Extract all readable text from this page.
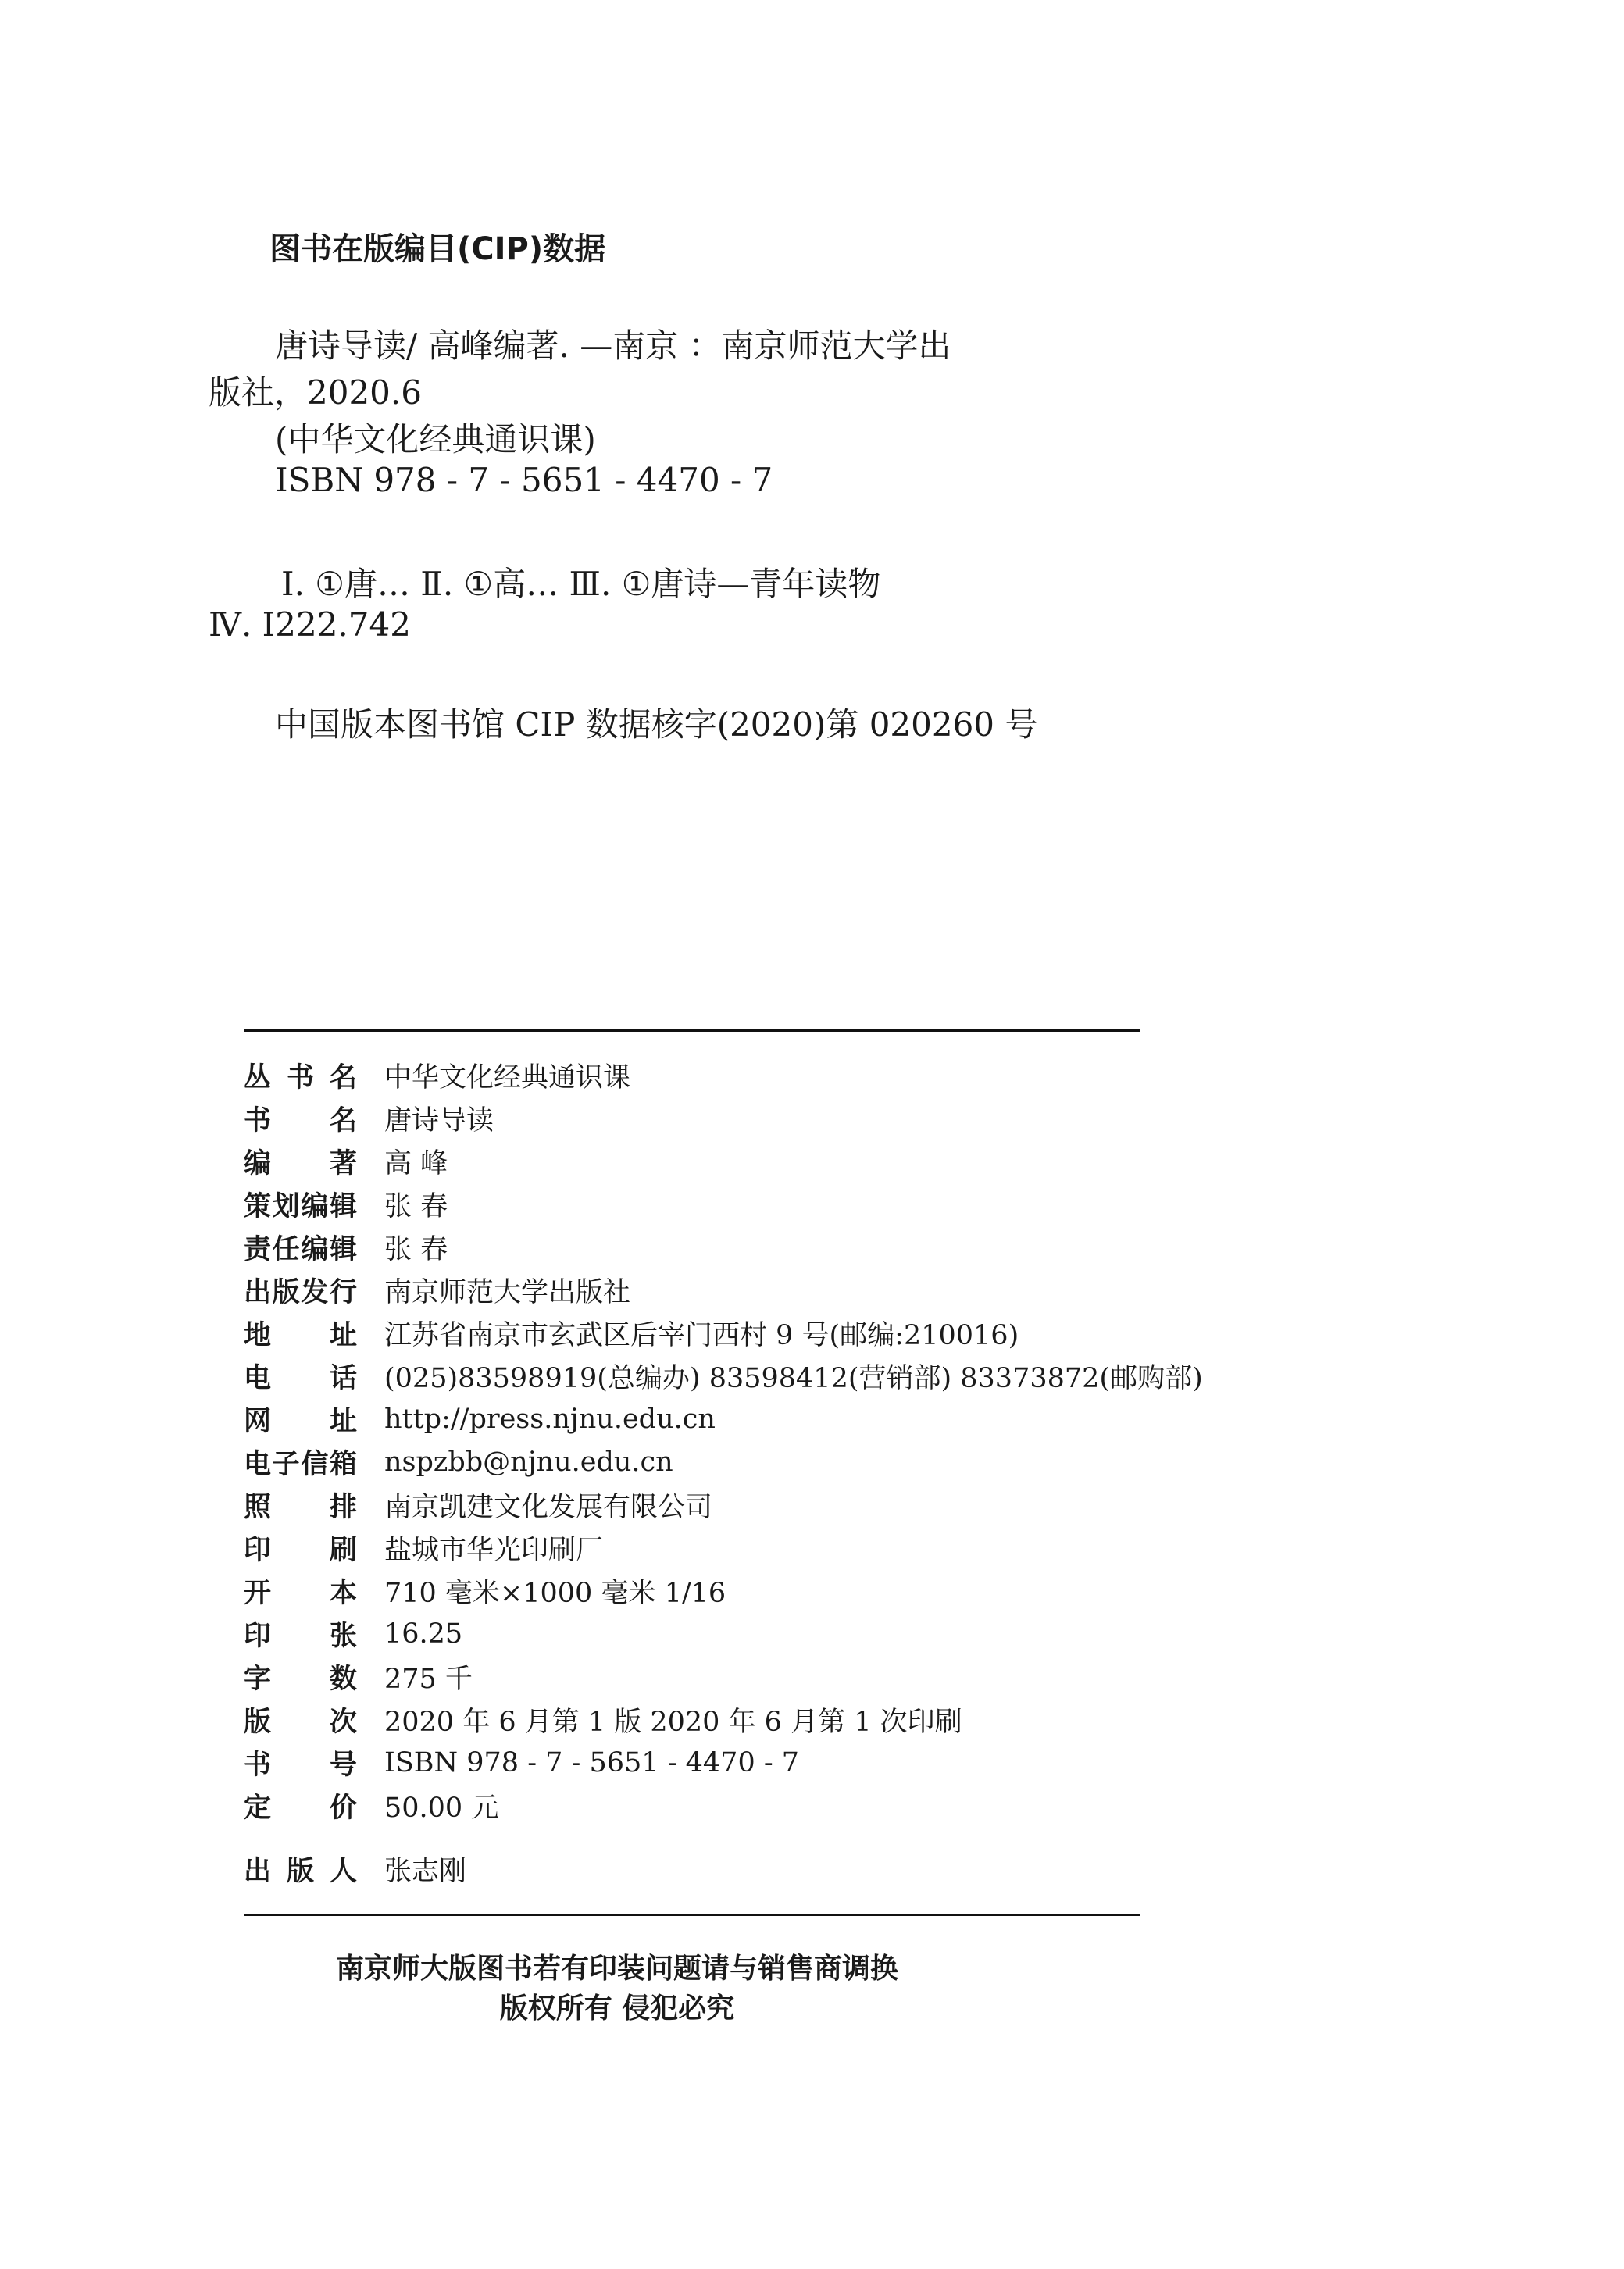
图书在版编目(CIP)数据
唐诗导读/ 高峰编著. —南京 ：南京师范大学出
版社，2020.6
(中华文化经典通识课)
ISBN 978 - 7 - 5651 - 4470 - 7
Ⅰ. ①唐… Ⅱ. ①高… Ⅲ. ①唐诗—青年读物
Ⅳ. I222.742
中国版本图书馆 CIP 数据核字(2020)第 020260 号
丛 书 名 中华文化经典通识课
书 名 唐诗导读
编 著 高 峰
策 划 编 辑 张 春
责 任 编 辑 张 春
出 版 发 行 南京师范大学出版社
地 址 江苏省南京市玄武区后宰门西村 9 号(邮编:210016)
电 话 (025)83598919(总编办) 83598412(营销部) 83373872(邮购部)
网 址 http://press.njnu.edu.cn
电 子 信 箱 nspzbb@njnu.edu.cn
照 排 南京凯建文化发展有限公司
印 刷 盐城市华光印刷厂
开 本 710 毫米×1000 毫米 1/16
印 张 16.25
字 数 275 千
版 次 2020 年 6 月第 1 版 2020 年 6 月第 1 次印刷
书 号 ISBN 978 - 7 - 5651 - 4470 - 7
定 价 50.00 元
出 版 人 张志刚
南京师大版图书若有印装问题请与销售商调换
版权所有 侵犯必究
